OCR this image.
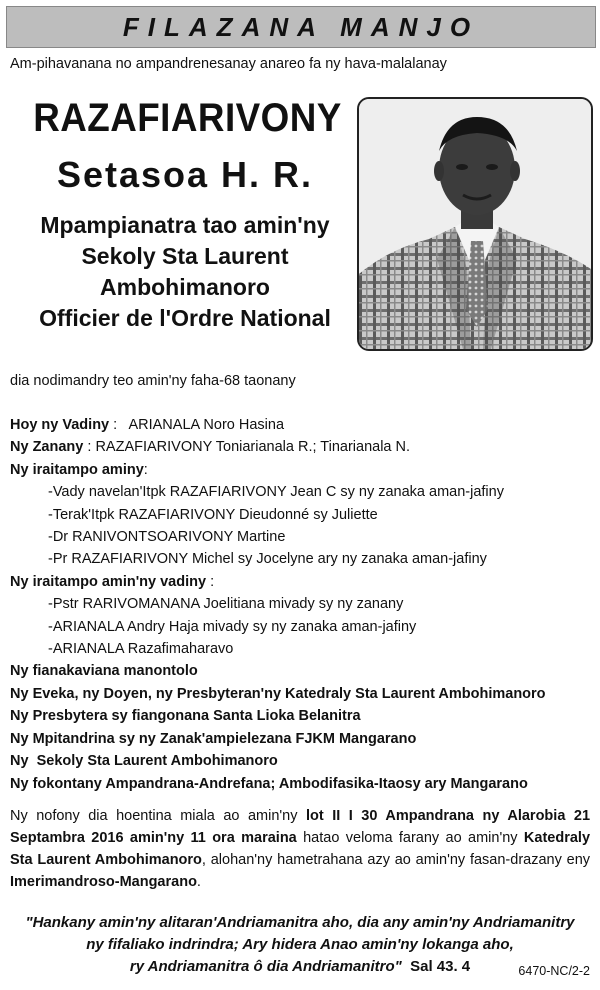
FILAZANA MANJO
Am-pihavanana no ampandrenesanay anareo fa ny hava-malalanay
RAZAFIARIVONY
Setasoa H. R.
Mpampianatra tao amin'ny
Sekoly Sta Laurent
Ambohimanoro
Officier de l'Ordre National
dia nodimandry teo amin'ny faha-68 taonany
Hoy ny Vadiny :   ARIANALA Noro Hasina
Ny Zanany : RAZAFIARIVONY Toniarianala R.; Tinarianala N.
Ny iraitampo aminy:
-Vady navelan'Itpk RAZAFIARIVONY Jean C sy ny zanaka aman-jafiny
-Terak'Itpk RAZAFIARIVONY Dieudonné sy Juliette
-Dr RANIVONTSOARIVONY Martine
-Pr RAZAFIARIVONY Michel sy Jocelyne ary ny zanaka aman-jafiny
Ny iraitampo amin'ny vadiny :
-Pstr RARIVOMANANA Joelitiana mivady sy ny zanany
-ARIANALA Andry Haja mivady sy ny zanaka aman-jafiny
-ARIANALA Razafimaharavo
Ny fianakaviana manontolo
Ny Eveka, ny Doyen, ny Presbyteran'ny Katedraly Sta Laurent Ambohimanoro
Ny Presbytera sy fiangonana Santa Lioka Belanitra
Ny Mpitandrina sy ny Zanak'ampielezana FJKM Mangarano
Ny  Sekoly Sta Laurent Ambohimanoro
Ny fokontany Ampandrana-Andrefana; Ambodifasika-Itaosy ary Mangarano
Ny nofony dia hoentina miala ao amin'ny lot II I 30 Ampandrana ny Alarobia 21 Septambra 2016 amin'ny 11 ora maraina hatao veloma farany ao amin'ny Katedraly Sta Laurent Ambohimanoro, alohan'ny hametrahana azy ao amin'ny fasan-drazany eny Imerimandroso-Mangarano.
"Hankany amin'ny alitaran'Andriamanitra aho, dia any amin'ny Andriamanitry
ny fifaliako indrindra; Ary hidera Anao amin'ny lokanga aho,
ry Andriamanitra ô dia Andriamanitro" Sal 43. 4	6470-NC/2-2
